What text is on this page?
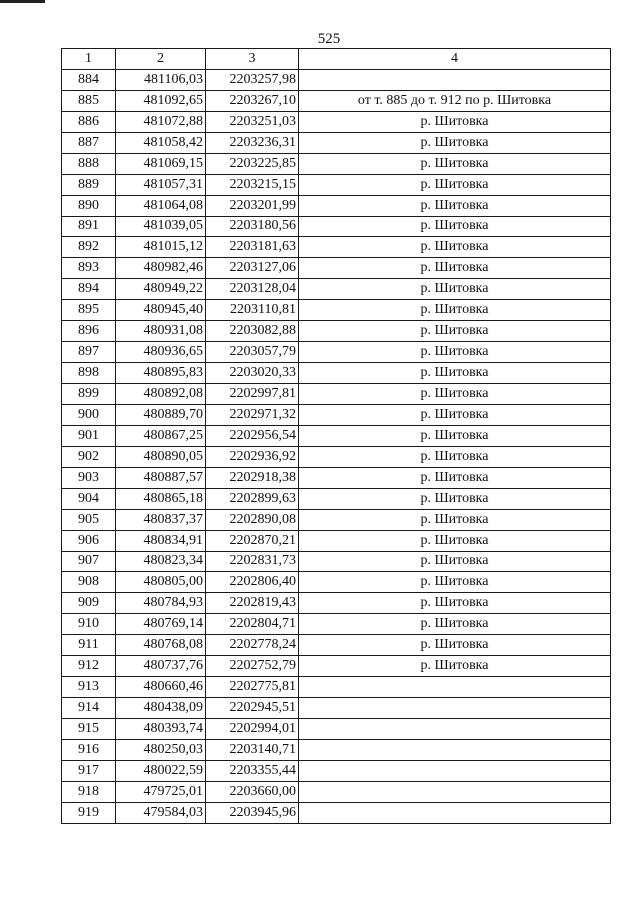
525
1	2	3	4
884	481106,03	2203257,98	
885	481092,65	2203267,10	от т. 885 до т. 912 по р. Шитовка
886	481072,88	2203251,03	р. Шитовка
887	481058,42	2203236,31	р. Шитовка
888	481069,15	2203225,85	р. Шитовка
889	481057,31	2203215,15	р. Шитовка
890	481064,08	2203201,99	р. Шитовка
891	481039,05	2203180,56	р. Шитовка
892	481015,12	2203181,63	р. Шитовка
893	480982,46	2203127,06	р. Шитовка
894	480949,22	2203128,04	р. Шитовка
895	480945,40	2203110,81	р. Шитовка
896	480931,08	2203082,88	р. Шитовка
897	480936,65	2203057,79	р. Шитовка
898	480895,83	2203020,33	р. Шитовка
899	480892,08	2202997,81	р. Шитовка
900	480889,70	2202971,32	р. Шитовка
901	480867,25	2202956,54	р. Шитовка
902	480890,05	2202936,92	р. Шитовка
903	480887,57	2202918,38	р. Шитовка
904	480865,18	2202899,63	р. Шитовка
905	480837,37	2202890,08	р. Шитовка
906	480834,91	2202870,21	р. Шитовка
907	480823,34	2202831,73	р. Шитовка
908	480805,00	2202806,40	р. Шитовка
909	480784,93	2202819,43	р. Шитовка
910	480769,14	2202804,71	р. Шитовка
911	480768,08	2202778,24	р. Шитовка
912	480737,76	2202752,79	р. Шитовка
913	480660,46	2202775,81	
914	480438,09	2202945,51	
915	480393,74	2202994,01	
916	480250,03	2203140,71	
917	480022,59	2203355,44	
918	479725,01	2203660,00	
919	479584,03	2203945,96	
